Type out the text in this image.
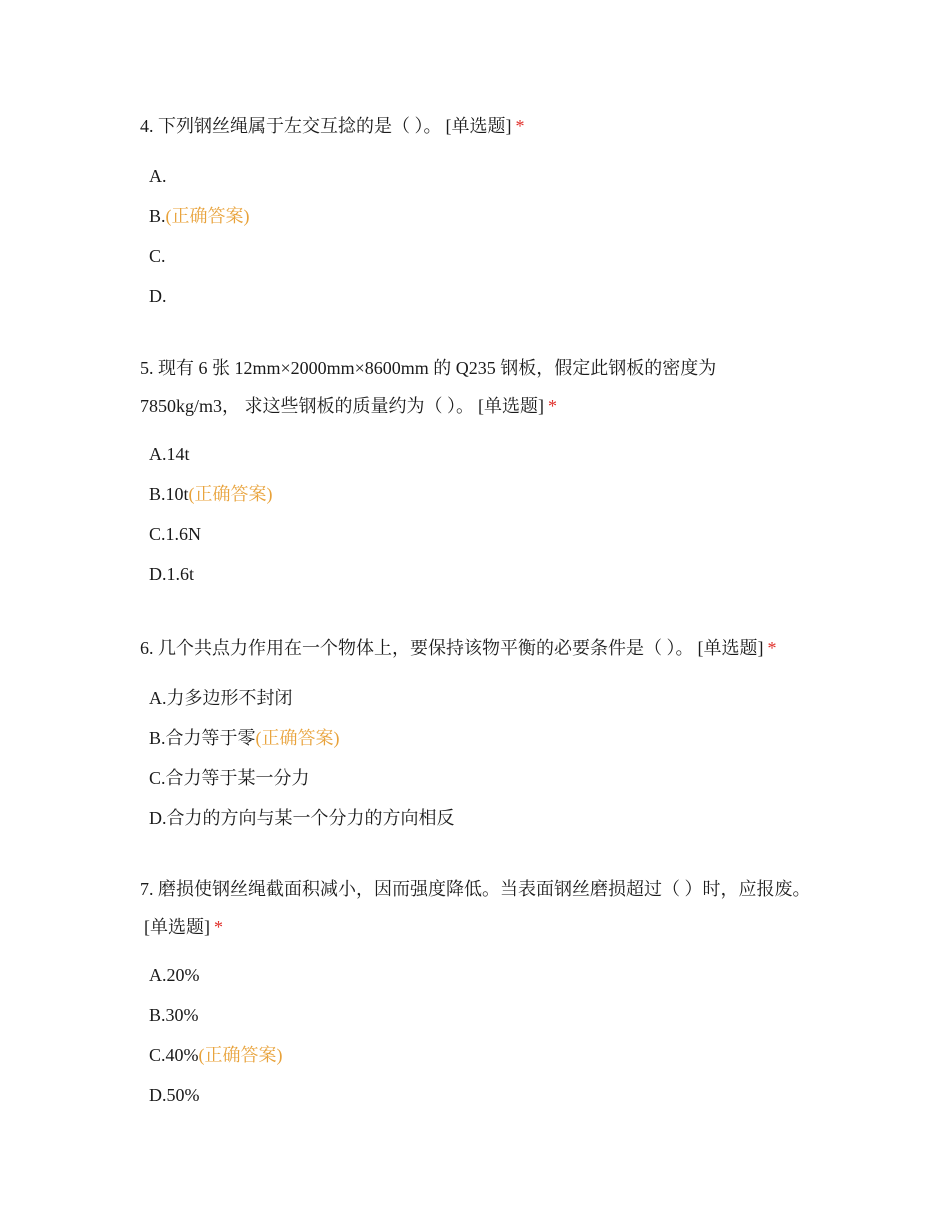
4. 下列钢丝绳属于左交互捻的是（ ）。 [单选题] *

A.
B.(正确答案)
C.
D.

5. 现有 6 张 12mm×2000mm×8600mm 的 Q235 钢板，假定此钢板的密度为 7850kg/m3， 求这些钢板的质量约为（ ）。 [单选题] *

A.14t
B.10t(正确答案)
C.1.6N
D.1.6t

6. 几个共点力作用在一个物体上，要保持该物平衡的必要条件是（ ）。 [单选题] *

A.力多边形不封闭
B.合力等于零(正确答案)
C.合力等于某一分力
D.合力的方向与某一个分力的方向相反

7. 磨损使钢丝绳截面积减小，因而强度降低。当表面钢丝磨损超过（ ）时，应报废。[单选题] *

A.20%
B.30%
C.40%(正确答案)
D.50%
